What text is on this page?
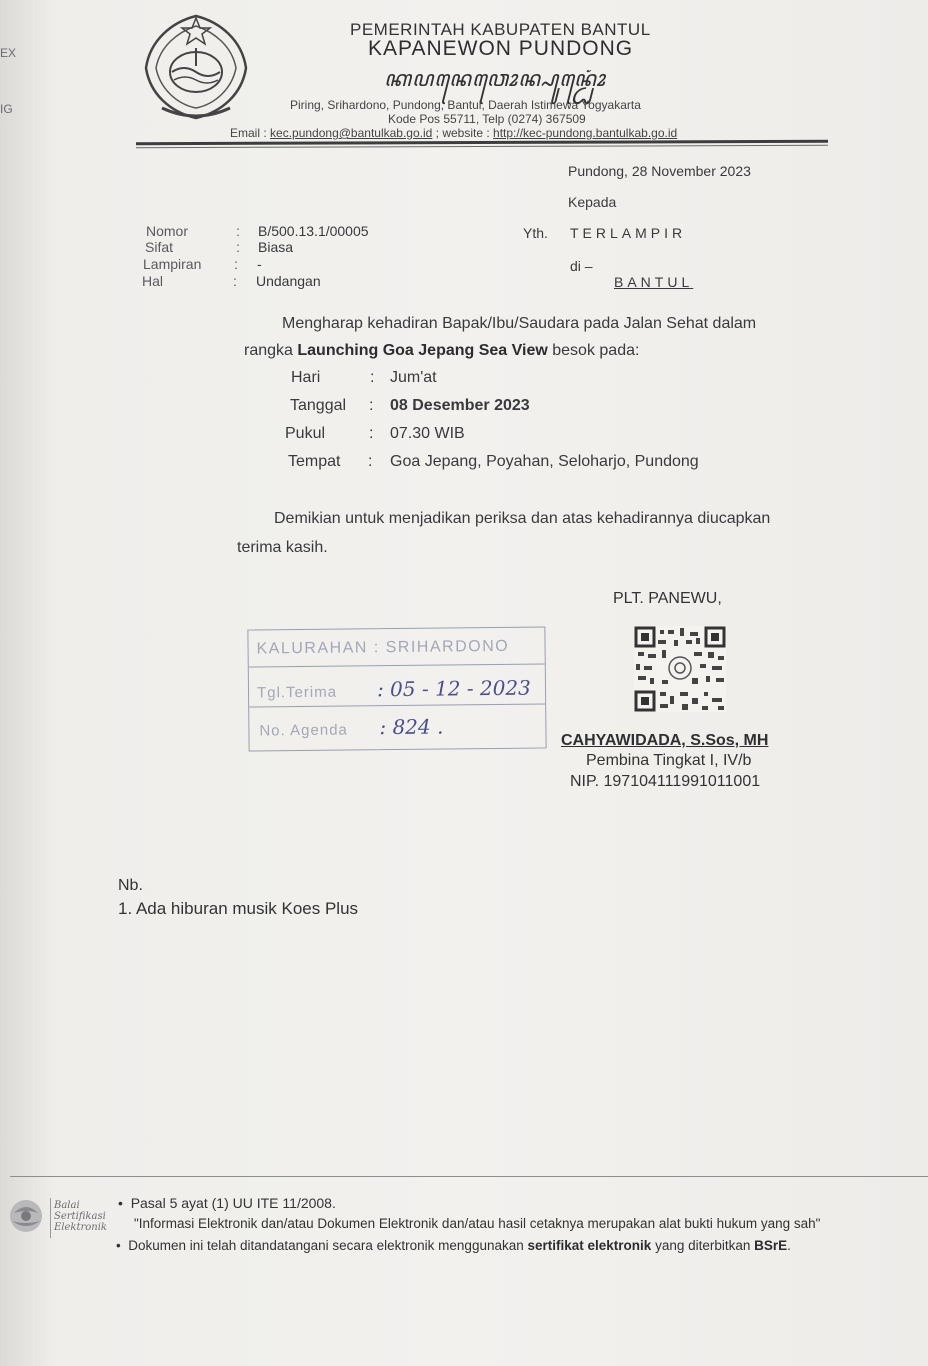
EX
IG
PEMERINTAH KABUPATEN BANTUL
KAPANEWON PUNDONG
ꦏꦥꦤꦺꦮꦺꦴꦤ꧀ꦥꦸꦤ꧀ꦝꦺꦴꦁ
Piring, Srihardono, Pundong, Bantul, Daerah Istimewa Yogyakarta
Kode Pos 55711, Telp (0274) 367509
Email : kec.pundong@bantulkab.go.id ; website : http://kec-pundong.bantulkab.go.id
Pundong, 28 November 2023
Kepada
Yth. TERLAMPIR
di –
BANTUL
Nomor	: B/500.13.1/00005
Sifat	: Biasa
Lampiran : -
Hal	: Undangan
Mengharap kehadiran Bapak/Ibu/Saudara pada Jalan Sehat dalam
rangka Launching Goa Jepang Sea View besok pada:
Hari	: Jum'at
Tanggal : 08 Desember 2023
Pukul	: 07.30 WIB
Tempat : Goa Jepang, Poyahan, Seloharjo, Pundong
Demikian untuk menjadikan periksa dan atas kehadirannya diucapkan
terima kasih.
PLT. PANEWU,
CAHYAWIDADA, S.Sos, MH
Pembina Tingkat I, IV/b
NIP. 197104111991011001
KALURAHAN : SRIHARDONO
Tgl.Terima : 05 - 12 - 2023
No. Agenda : 824 .
Nb.
1. Ada hiburan musik Koes Plus
Balai
Sertifikasi
Elektronik
•  Pasal 5 ayat (1) UU ITE 11/2008.
"Informasi Elektronik dan/atau Dokumen Elektronik dan/atau hasil cetaknya merupakan alat bukti hukum yang sah"
•  Dokumen ini telah ditandatangani secara elektronik menggunakan sertifikat elektronik yang diterbitkan BSrE.
